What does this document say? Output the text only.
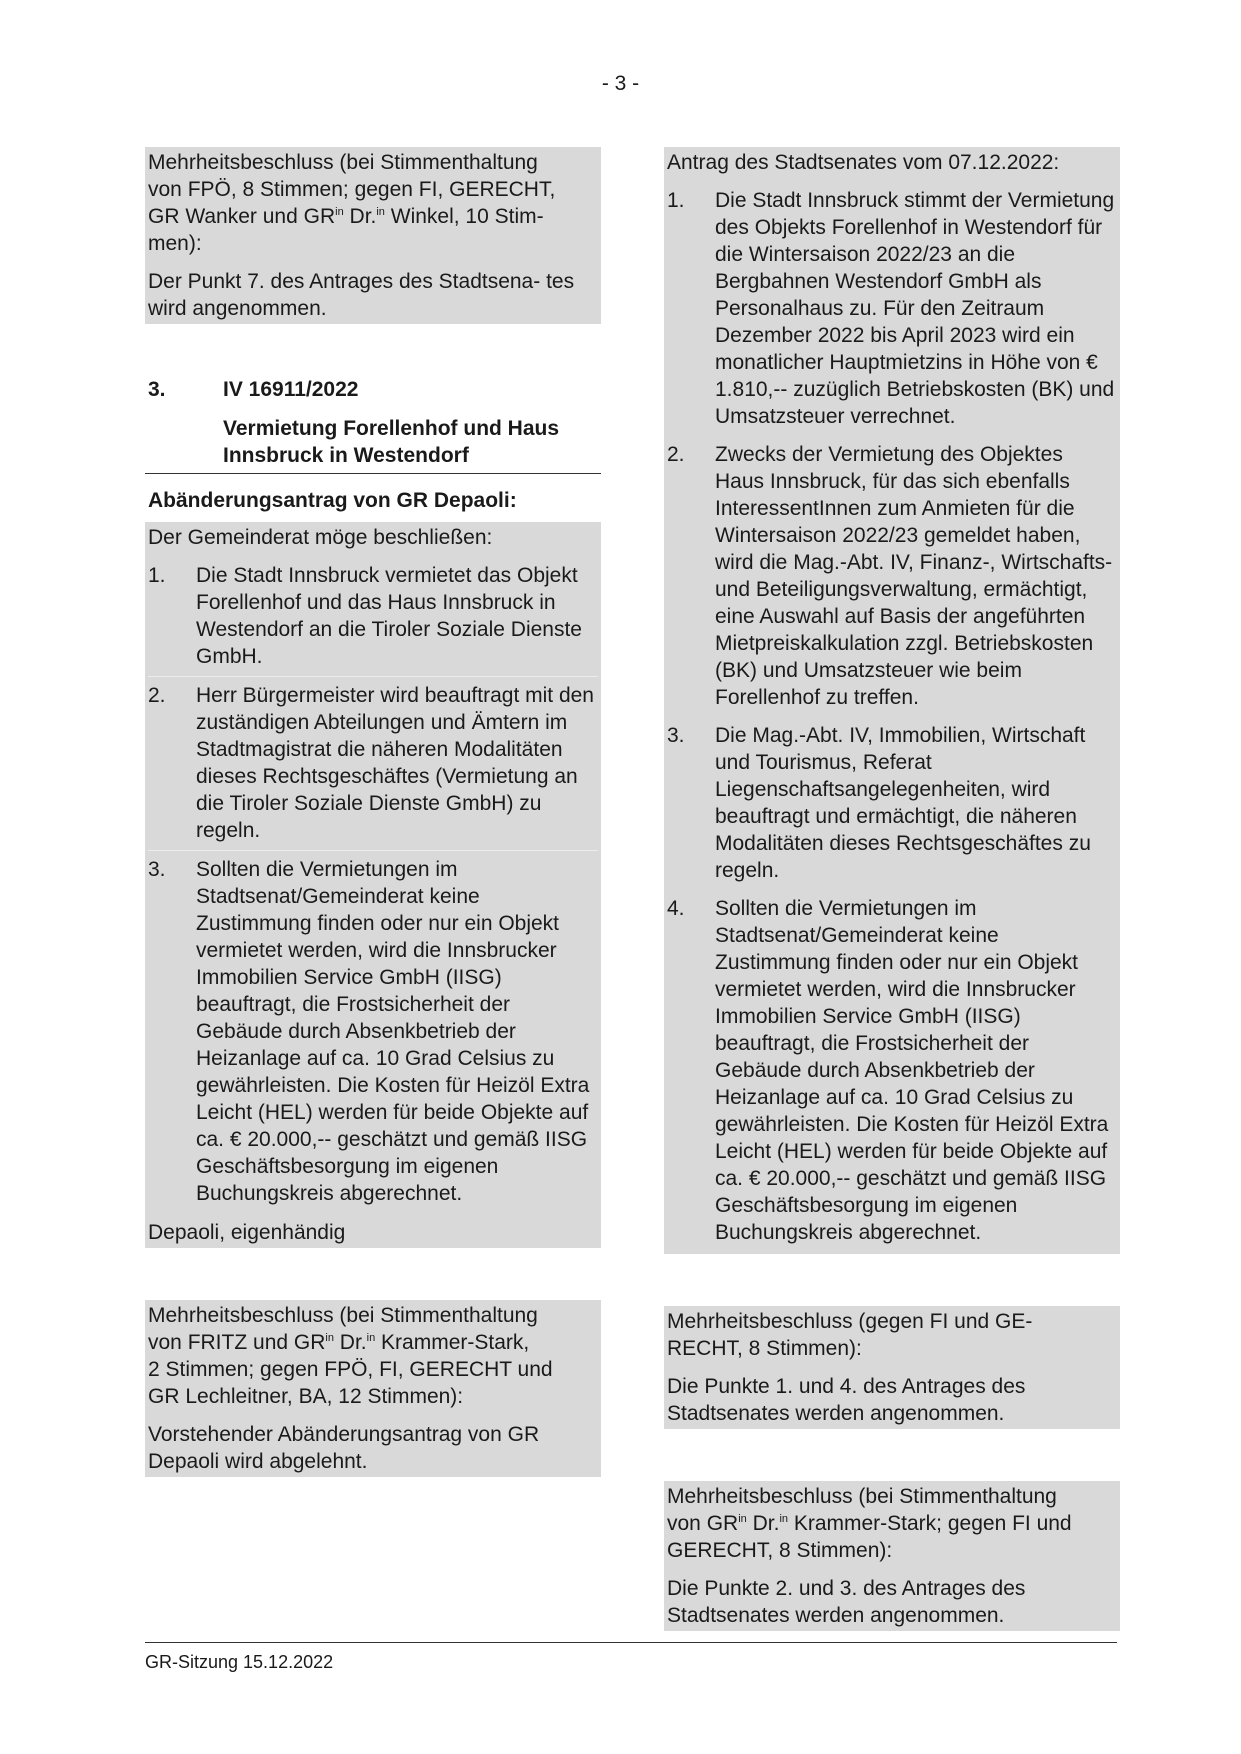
- 3 -

Mehrheitsbeschluss (bei Stimmenthaltung
von FPÖ, 8 Stimmen; gegen FI, GERECHT,
GR Wanker und $GR^{in}$ Dr.$^{in}$ Winkel, 10 Stim-
men):

Der Punkt 7. des Antrages des Stadtsena- tes wird angenommen.

3.	IV 16911/2022
Vermietung Forellenhof und Haus Innsbruck in Westendorf
Abänderungsantrag von GR Depaoli:

Der Gemeinderat möge beschließen:

1.	Die Stadt Innsbruck vermietet das Objekt Forellenhof und das Haus Innsbruck in Westendorf an die Tiroler Soziale Dienste GmbH.
2.	Herr Bürgermeister wird beauftragt mit den zuständigen Abteilungen und Ämtern im Stadtmagistrat die näheren Modalitäten dieses Rechtsgeschäftes (Vermietung an die Tiroler Soziale Dienste GmbH) zu regeln.
3.	Sollten die Vermietungen im Stadtsenat/Gemeinderat keine Zustimmung finden oder nur ein Objekt vermietet werden, wird die Innsbrucker Immobilien Service GmbH (IISG) beauftragt, die Frostsicherheit der Gebäude durch Absenkbetrieb der Heizanlage auf ca. 10 Grad Celsius zu gewährleisten. Die Kosten für Heizöl Extra Leicht (HEL) werden für beide Objekte auf ca. € 20.000,-- geschätzt und gemäß IISG Geschäftsbesorgung im eigenen Buchungskreis abgerechnet.

Depaoli, eigenhändig

Mehrheitsbeschluss (bei Stimmenthaltung
von FRITZ und $GR^{in}$ Dr.$^{in}$ Krammer-Stark,
2 Stimmen; gegen FPÖ, FI, GERECHT und
GR Lechleitner, BA, 12 Stimmen):

Vorstehender Abänderungsantrag von GR Depaoli wird abgelehnt.

Antrag des Stadtsenates vom 07.12.2022:

1.	Die Stadt Innsbruck stimmt der Vermietung des Objekts Forellenhof in Westendorf für die Wintersaison 2022/23 an die Bergbahnen Westendorf GmbH als Personalhaus zu. Für den Zeitraum Dezember 2022 bis April 2023 wird ein monatlicher Hauptmietzins in Höhe von € 1.810,-- zuzüglich Betriebskosten (BK) und Umsatzsteuer verrechnet.
2.	Zwecks der Vermietung des Objektes Haus Innsbruck, für das sich ebenfalls InteressentInnen zum Anmieten für die Wintersaison 2022/23 gemeldet haben, wird die Mag.-Abt. IV, Finanz-, Wirtschafts- und Beteiligungsverwaltung, ermächtigt, eine Auswahl auf Basis der angeführten Mietpreiskalkulation zzgl. Betriebskosten (BK) und Umsatzsteuer wie beim Forellenhof zu treffen.
3.	Die Mag.-Abt. IV, Immobilien, Wirtschaft und Tourismus, Referat Liegenschaftsangelegenheiten, wird beauftragt und ermächtigt, die näheren Modalitäten dieses Rechtsgeschäftes zu regeln.
4.	Sollten die Vermietungen im Stadtsenat/Gemeinderat keine Zustimmung finden oder nur ein Objekt vermietet werden, wird die Innsbrucker Immobilien Service GmbH (IISG) beauftragt, die Frostsicherheit der Gebäude durch Absenkbetrieb der Heizanlage auf ca. 10 Grad Celsius zu gewährleisten. Die Kosten für Heizöl Extra Leicht (HEL) werden für beide Objekte auf ca. € 20.000,-- geschätzt und gemäß IISG Geschäftsbesorgung im eigenen Buchungskreis abgerechnet.

Mehrheitsbeschluss (gegen FI und GE-
RECHT, 8 Stimmen):

Die Punkte 1. und 4. des Antrages des Stadtsenates werden angenommen.

Mehrheitsbeschluss (bei Stimmenthaltung
von $GR^{in}$ Dr.$^{in}$ Krammer-Stark; gegen FI und
GERECHT, 8 Stimmen):

Die Punkte 2. und 3. des Antrages des Stadtsenates werden angenommen.

GR-Sitzung 15.12.2022
